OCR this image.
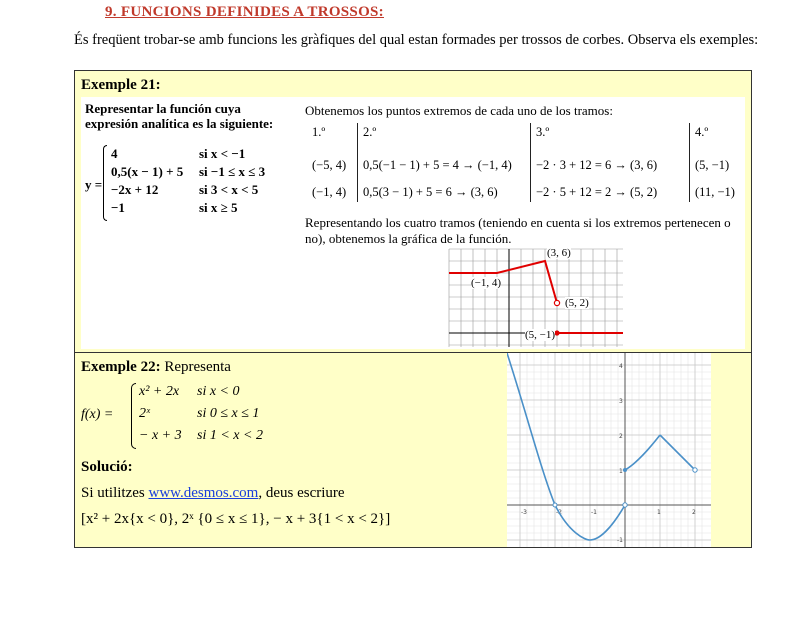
9. FUNCIONS DEFINIDES A TROSSOS:
És freqüent trobar-se amb funcions les gràfiques del qual estan formades per trossos de corbes. Observa els exemples:
Exemple 21:
Representar la función cuya expresión analítica es la siguiente:
y =
4	si x < −1
0,5(x − 1) + 5	si −1 ≤ x ≤ 3
−2x + 12	si 3 < x < 5
−1	si x ≥ 5
Obtenemos los puntos extremos de cada uno de los tramos:
1.º	2.º	3.º	4.º

(−5, 4)	0,5(−1 − 1) + 5 = 4 → (−1, 4)	−2 · 3 + 12 = 6 → (3, 6)	(5, −1)

(−1, 4)	0,5(3 − 1) + 5 = 6 → (3, 6)	−2 · 5 + 12 = 2 → (5, 2)	(11, −1)
Representando los cuatro tramos (teniendo en cuenta si los extremos pertenecen o no), obtenemos la gráfica de la función.
(3, 6)
(−1, 4)
(5, 2)
(5, −1)
Exemple 22: Representa
f(x) =
x² + 2x	si x < 0
2ˣ	si 0 ≤ x ≤ 1
− x + 3	si 1 < x < 2
Solució:
Si utilitzes www.desmos.com, deus escriure
[x² + 2x{x < 0}, 2ˣ {0 ≤ x ≤ 1}, − x + 3{1 < x < 2}]	-3	-2	-1	1	2
4
3
2
1
-1
